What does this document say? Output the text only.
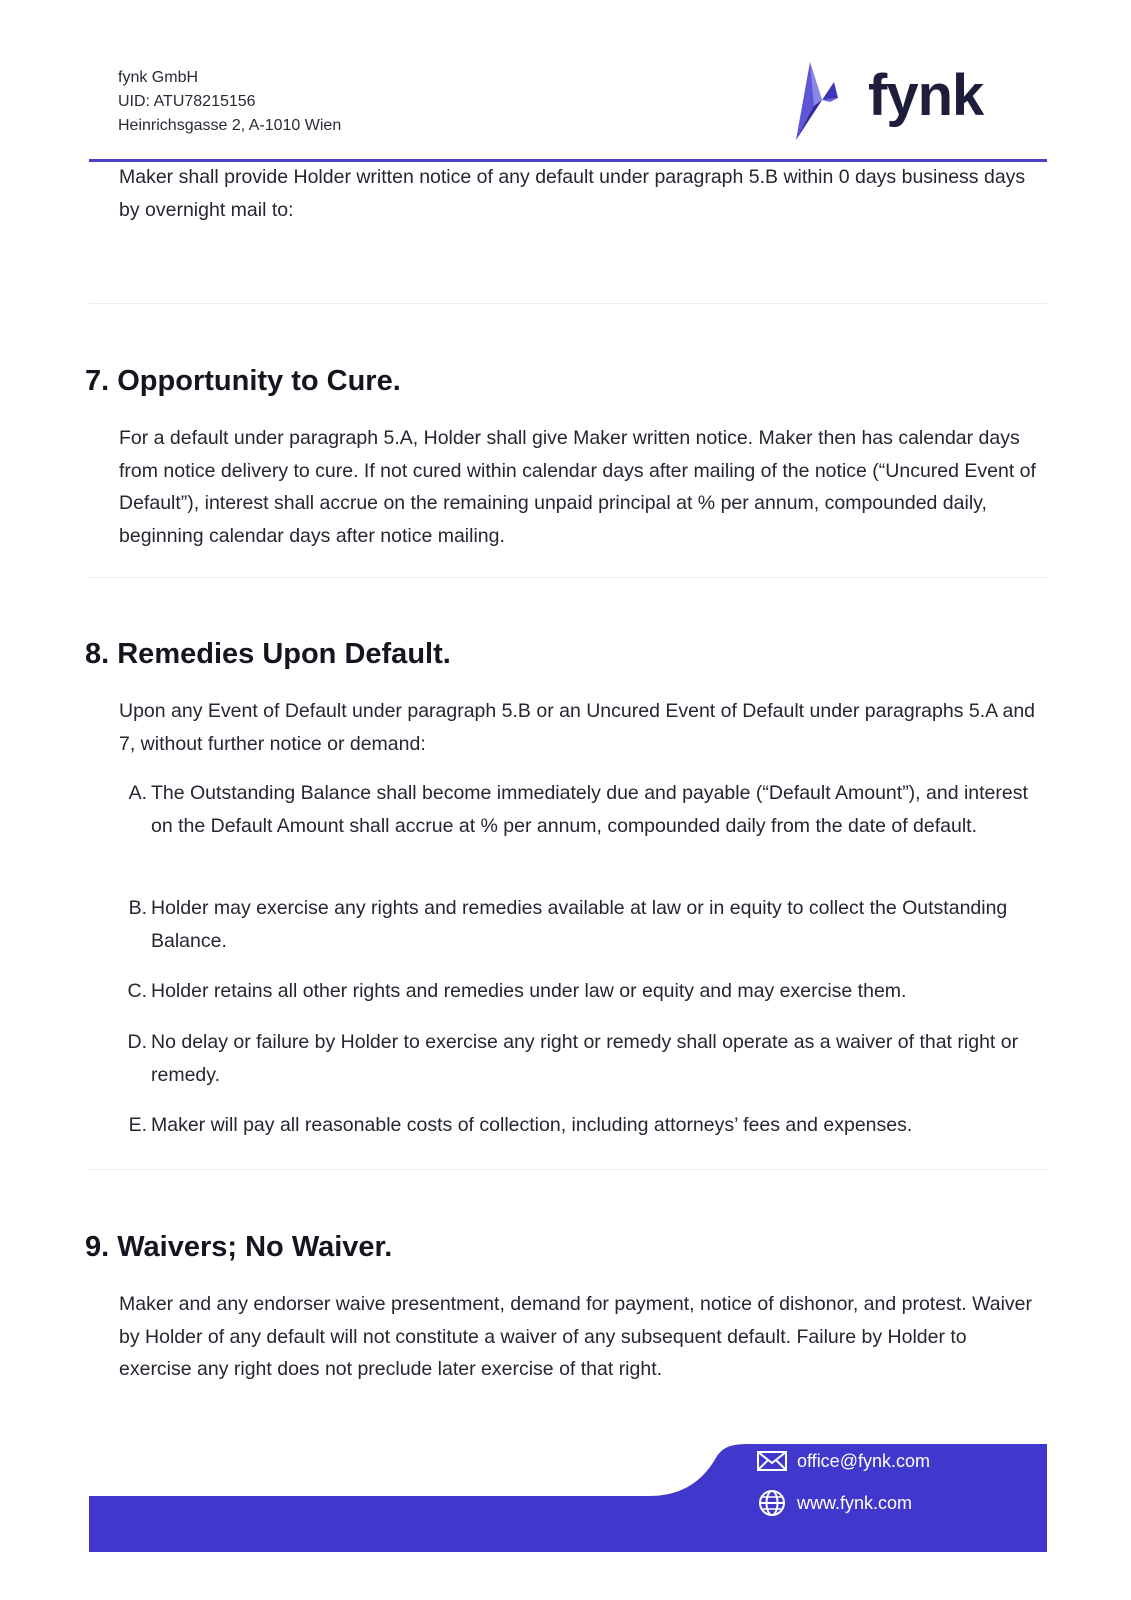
fynk GmbH
UID: ATU78215156
Heinrichsgasse 2, A-1010 Wien	fynk
Maker shall provide Holder written notice of any default under paragraph 5.B within 0 days business days by overnight mail to:
7. Opportunity to Cure.
For a default under paragraph 5.A, Holder shall give Maker written notice. Maker then has calendar days from notice delivery to cure. If not cured within calendar days after mailing of the notice (“Uncured Event of Default”), interest shall accrue on the remaining unpaid principal at % per annum, compounded daily, beginning calendar days after notice mailing.
8. Remedies Upon Default.
Upon any Event of Default under paragraph 5.B or an Uncured Event of Default under paragraphs 5.A and 7, without further notice or demand:
A. The Outstanding Balance shall become immediately due and payable (“Default Amount”), and interest on the Default Amount shall accrue at % per annum, compounded daily from the date of default.
B. Holder may exercise any rights and remedies available at law or in equity to collect the Outstanding Balance.
C. Holder retains all other rights and remedies under law or equity and may exercise them.
D. No delay or failure by Holder to exercise any right or remedy shall operate as a waiver of that right or remedy.
E. Maker will pay all reasonable costs of collection, including attorneys’ fees and expenses.
9. Waivers; No Waiver.
Maker and any endorser waive presentment, demand for payment, notice of dishonor, and protest. Waiver by Holder of any default will not constitute a waiver of any subsequent default. Failure by Holder to exercise any right does not preclude later exercise of that right.
office@fynk.com
www.fynk.com
